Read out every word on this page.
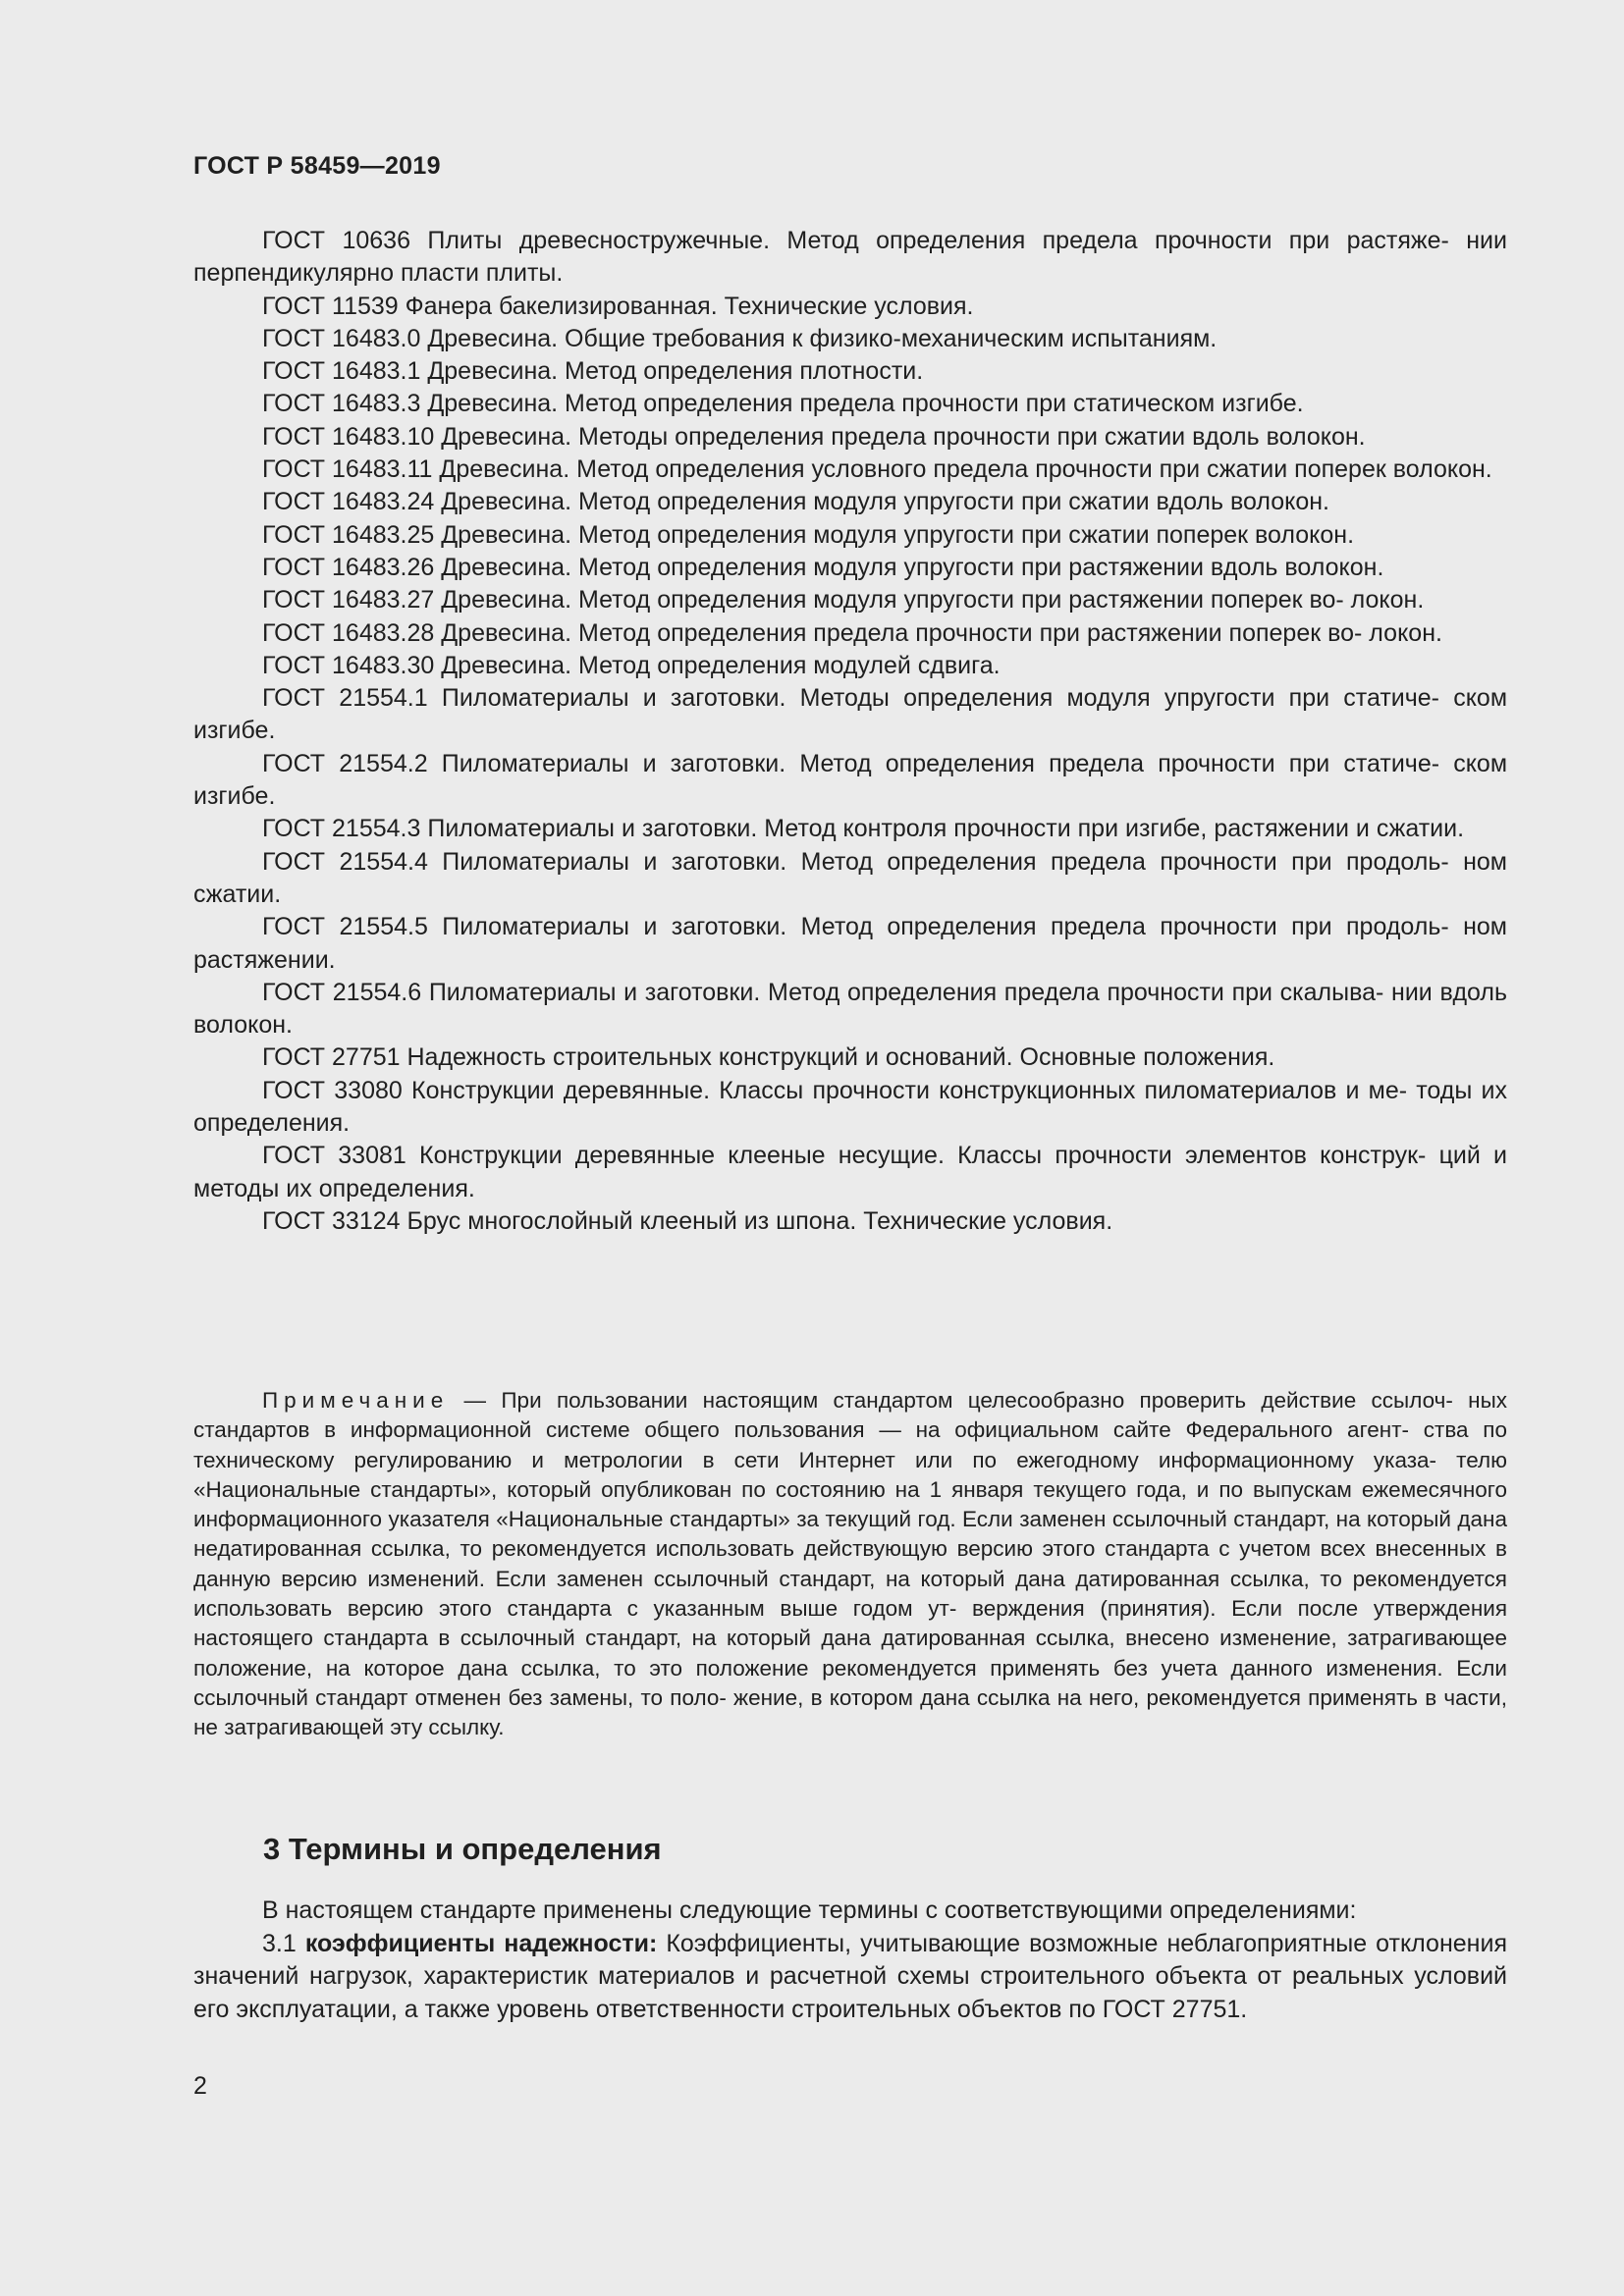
ГОСТ Р 58459—2019
ГОСТ 10636 Плиты древесностружечные. Метод определения предела прочности при растяже- нии перпендикулярно пласти плиты.
ГОСТ 11539 Фанера бакелизированная. Технические условия.
ГОСТ 16483.0 Древесина. Общие требования к физико-механическим испытаниям.
ГОСТ 16483.1 Древесина. Метод определения плотности.
ГОСТ 16483.3 Древесина. Метод определения предела прочности при статическом изгибе.
ГОСТ 16483.10 Древесина. Методы определения предела прочности при сжатии вдоль волокон.
ГОСТ 16483.11 Древесина. Метод определения условного предела прочности при сжатии поперек волокон.
ГОСТ 16483.24 Древесина. Метод определения модуля упругости при сжатии вдоль волокон.
ГОСТ 16483.25 Древесина. Метод определения модуля упругости при сжатии поперек волокон.
ГОСТ 16483.26 Древесина. Метод определения модуля упругости при растяжении вдоль волокон.
ГОСТ 16483.27 Древесина. Метод определения модуля упругости при растяжении поперек во- локон.
ГОСТ 16483.28 Древесина. Метод определения предела прочности при растяжении поперек во- локон.
ГОСТ 16483.30 Древесина. Метод определения модулей сдвига.
ГОСТ 21554.1 Пиломатериалы и заготовки. Методы определения модуля упругости при статиче- ском изгибе.
ГОСТ 21554.2 Пиломатериалы и заготовки. Метод определения предела прочности при статиче- ском изгибе.
ГОСТ 21554.3 Пиломатериалы и заготовки. Метод контроля прочности при изгибе, растяжении и сжатии.
ГОСТ 21554.4 Пиломатериалы и заготовки. Метод определения предела прочности при продоль- ном сжатии.
ГОСТ 21554.5 Пиломатериалы и заготовки. Метод определения предела прочности при продоль- ном растяжении.
ГОСТ 21554.6 Пиломатериалы и заготовки. Метод определения предела прочности при скалыва- нии вдоль волокон.
ГОСТ 27751 Надежность строительных конструкций и оснований. Основные положения.
ГОСТ 33080 Конструкции деревянные. Классы прочности конструкционных пиломатериалов и ме- тоды их определения.
ГОСТ 33081 Конструкции деревянные клееные несущие. Классы прочности элементов конструк- ций и методы их определения.
ГОСТ 33124 Брус многослойный клееный из шпона. Технические условия.
Примечание — При пользовании настоящим стандартом целесообразно проверить действие ссылоч- ных стандартов в информационной системе общего пользования — на официальном сайте Федерального агент- ства по техническому регулированию и метрологии в сети Интернет или по ежегодному информационному указа- телю «Национальные стандарты», который опубликован по состоянию на 1 января текущего года, и по выпускам ежемесячного информационного указателя «Национальные стандарты» за текущий год. Если заменен ссылочный стандарт, на который дана недатированная ссылка, то рекомендуется использовать действующую версию этого стандарта с учетом всех внесенных в данную версию изменений. Если заменен ссылочный стандарт, на который дана датированная ссылка, то рекомендуется использовать версию этого стандарта с указанным выше годом ут- верждения (принятия). Если после утверждения настоящего стандарта в ссылочный стандарт, на который дана датированная ссылка, внесено изменение, затрагивающее положение, на которое дана ссылка, то это положение рекомендуется применять без учета данного изменения. Если ссылочный стандарт отменен без замены, то поло- жение, в котором дана ссылка на него, рекомендуется применять в части, не затрагивающей эту ссылку.
3 Термины и определения
В настоящем стандарте применены следующие термины с соответствующими определениями:
3.1 коэффициенты надежности: Коэффициенты, учитывающие возможные неблагоприятные отклонения значений нагрузок, характеристик материалов и расчетной схемы строительного объекта от реальных условий его эксплуатации, а также уровень ответственности строительных объектов по ГОСТ 27751.
2
